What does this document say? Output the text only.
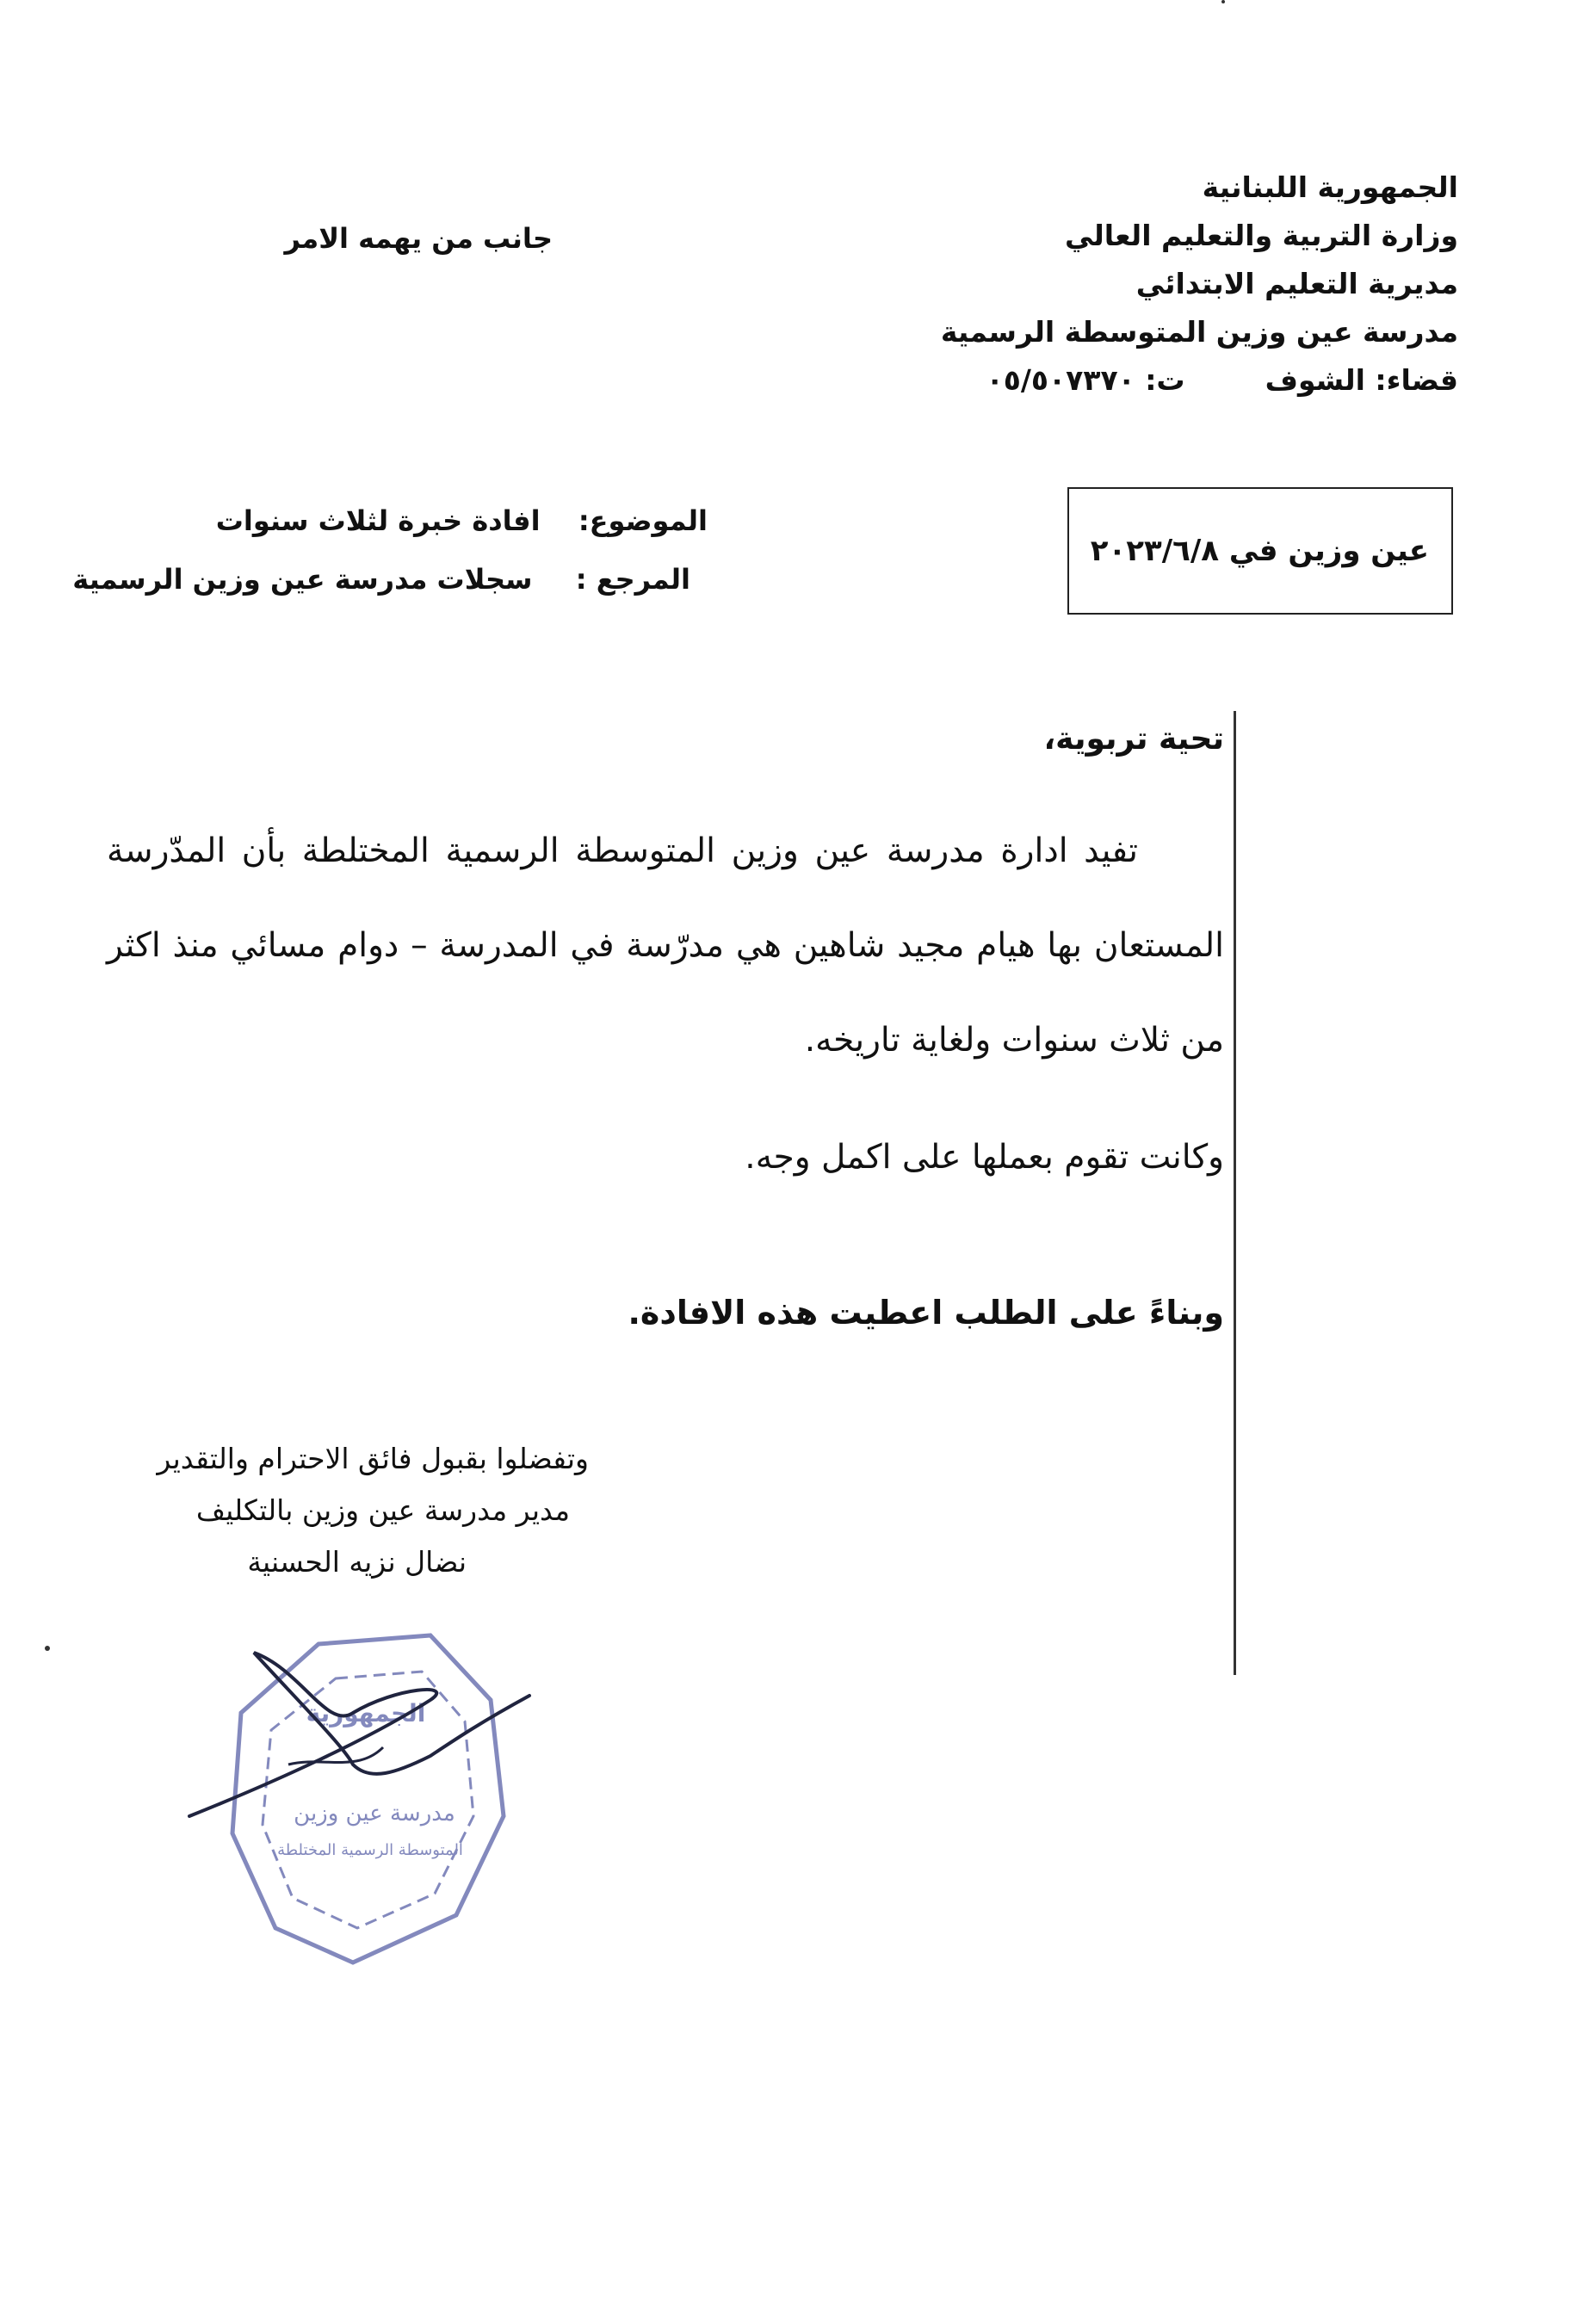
الجمهورية اللبنانية
وزارة التربية والتعليم العالي
مديرية التعليم الابتدائي
مدرسة عين وزين المتوسطة الرسمية
قضاء: الشوف  ت: ٠٥/٥٠٧٣٧٠
جانب من يهمه الامر
عين وزين في ٢٠٢٣/٦/٨
الموضوع:  افادة خبرة لثلاث سنوات
المرجع :  سجلات مدرسة عين وزين الرسمية
تحية تربوية،
تفيد ادارة مدرسة عين وزين المتوسطة الرسمية المختلطة بأن المدّرسة المستعان بها هيام مجيد شاهين هي مدرّسة في المدرسة – دوام مسائي منذ اكثر من ثلاث سنوات ولغاية تاريخه.
وكانت تقوم بعملها على اكمل وجه.
وبناءً على الطلب اعطيت هذه الافادة.
وتفضلوا بقبول فائق الاحترام والتقدير
مدير مدرسة عين وزين بالتكليف
نضال نزيه الحسنية
الجمهورية
مدرسة عين وزين
المتوسطة الرسمية المختلطة
